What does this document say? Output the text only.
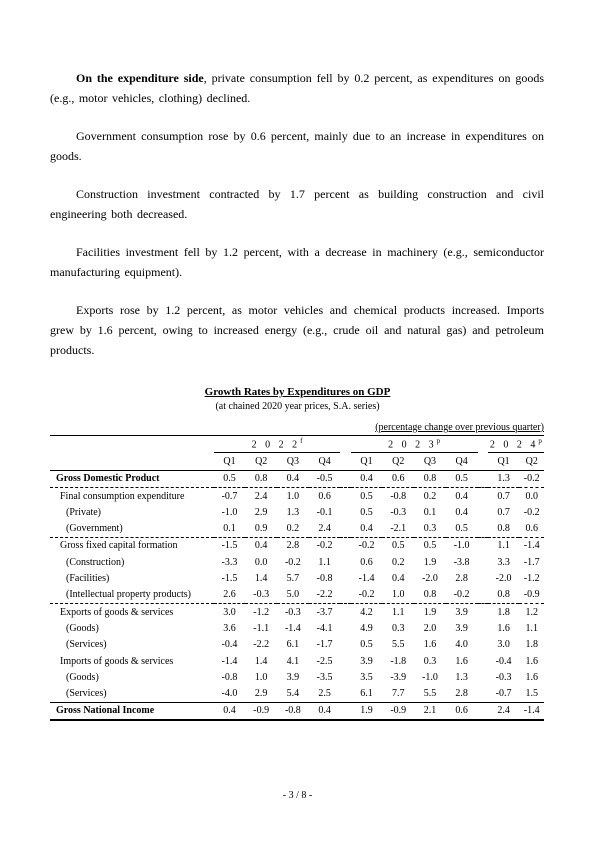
On the expenditure side, private consumption fell by 0.2 percent, as expenditures on goods (e.g., motor vehicles, clothing) declined.
Government consumption rose by 0.6 percent, mainly due to an increase in expenditures on goods.
Construction investment contracted by 1.7 percent as building construction and civil engineering both decreased.
Facilities investment fell by 1.2 percent, with a decrease in machinery (e.g., semiconductor manufacturing equipment).
Exports rose by 1.2 percent, as motor vehicles and chemical products increased. Imports grew by 1.6 percent, owing to increased energy (e.g., crude oil and natural gas) and petroleum products.
Growth Rates by Expenditures on GDP
(at chained 2020 year prices, S.A. series)
(percentage change over previous quarter)
	2 0 2 2$^f$					2 0 2 3$^p$					2 0 2 4$^p$
	Q1	Q2	Q3	Q4		Q1	Q2	Q3	Q4		Q1	Q2
Gross Domestic Product	0.5	0.8	0.4	-0.5		0.4	0.6	0.8	0.5		1.3	-0.2
Final consumption expenditure	-0.7	2.4	1.0	0.6		0.5	-0.8	0.2	0.4		0.7	0.0
(Private)	-1.0	2.9	1.3	-0.1		0.5	-0.3	0.1	0.4		0.7	-0.2
(Government)	0.1	0.9	0.2	2.4		0.4	-2.1	0.3	0.5		0.8	0.6
Gross fixed capital formation	-1.5	0.4	2.8	-0.2		-0.2	0.5	0.5	-1.0		1.1	-1.4
(Construction)	-3.3	0.0	-0.2	1.1		0.6	0.2	1.9	-3.8		3.3	-1.7
(Facilities)	-1.5	1.4	5.7	-0.8		-1.4	0.4	-2.0	2.8		-2.0	-1.2
(Intellectual property products)	2.6	-0.3	5.0	-2.2		-0.2	1.0	0.8	-0.2		0.8	-0.9
Exports of goods & services	3.0	-1.2	-0.3	-3.7		4.2	1.1	1.9	3.9		1.8	1.2
(Goods)	3.6	-1.1	-1.4	-4.1		4.9	0.3	2.0	3.9		1.6	1.1
(Services)	-0.4	-2.2	6.1	-1.7		0.5	5.5	1.6	4.0		3.0	1.8
Imports of goods & services	-1.4	1.4	4.1	-2.5		3.9	-1.8	0.3	1.6		-0.4	1.6
(Goods)	-0.8	1.0	3.9	-3.5		3.5	-3.9	-1.0	1.3		-0.3	1.6
(Services)	-4.0	2.9	5.4	2.5		6.1	7.7	5.5	2.8		-0.7	1.5
Gross National Income	0.4	-0.9	-0.8	0.4		1.9	-0.9	2.1	0.6		2.4	-1.4
- 3 / 8 -
